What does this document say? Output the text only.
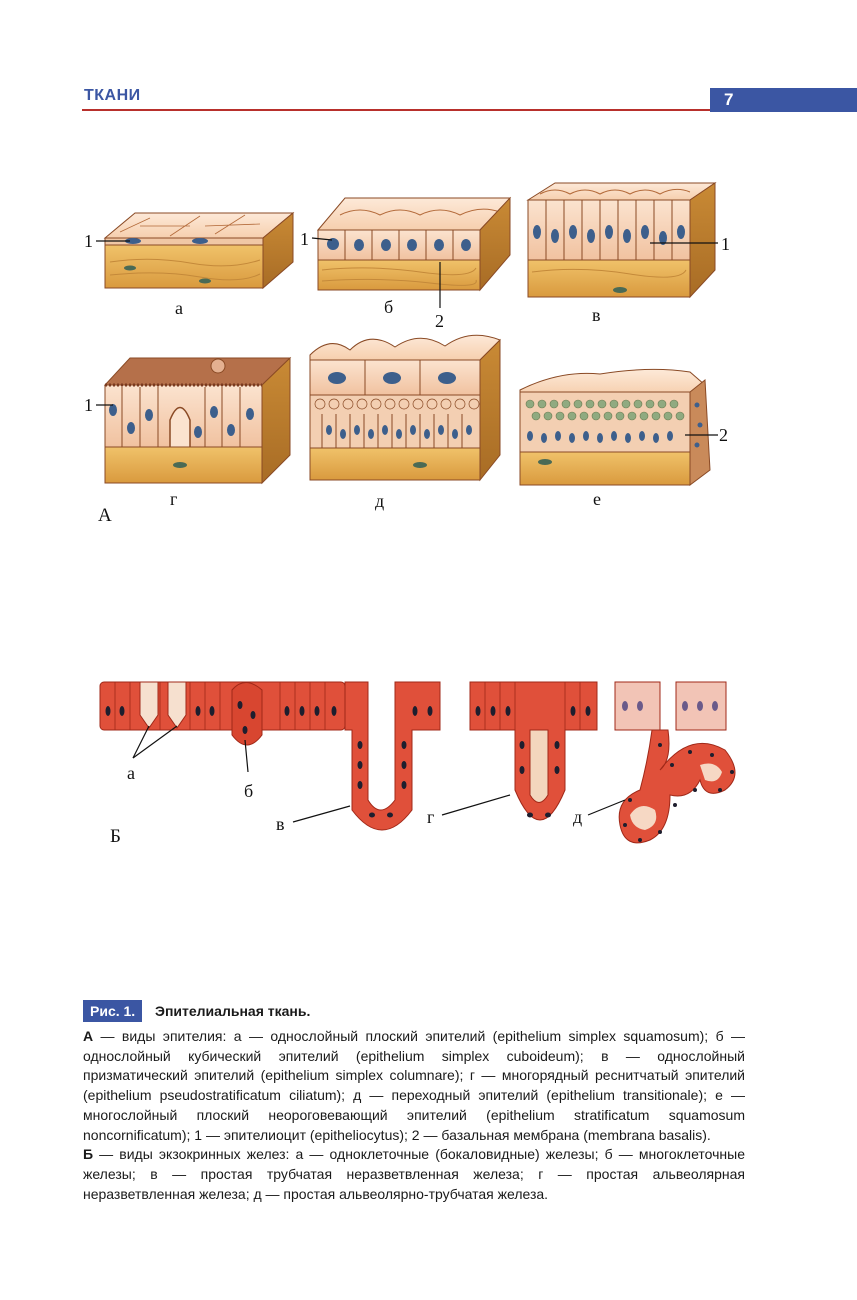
ТКАНИ	7
1	1
2
1
1
2
а	б	в
г	д	е
А
а
б
в	г	д
Б
Рис. 1.	Эпителиальная ткань.

А — виды эпителия: а — однослойный плоский эпителий (epithelium simplex squamosum); б — однослойный кубический эпителий (epithelium simplex cuboideum); в — однослойный призматический эпителий (epithelium simplex columnare); г — многорядный реснитчатый эпителий (epithelium pseudostratificatum ciliatum); д — переходный эпителий (epithelium transitionale); е — многослойный плоский неороговевающий эпителий (epithelium stratificatum squamosum noncornificatum); 1 — эпителиоцит (epitheliocytus); 2 — базальная мембрана (membrana basalis).

Б — виды экзокринных желез: а — одноклеточные (бокаловидные) железы; б — многоклеточные железы; в — простая трубчатая неразветвленная железа; г — простая альвеолярная неразветвленная железа; д — простая альвеолярно-трубчатая железа.
